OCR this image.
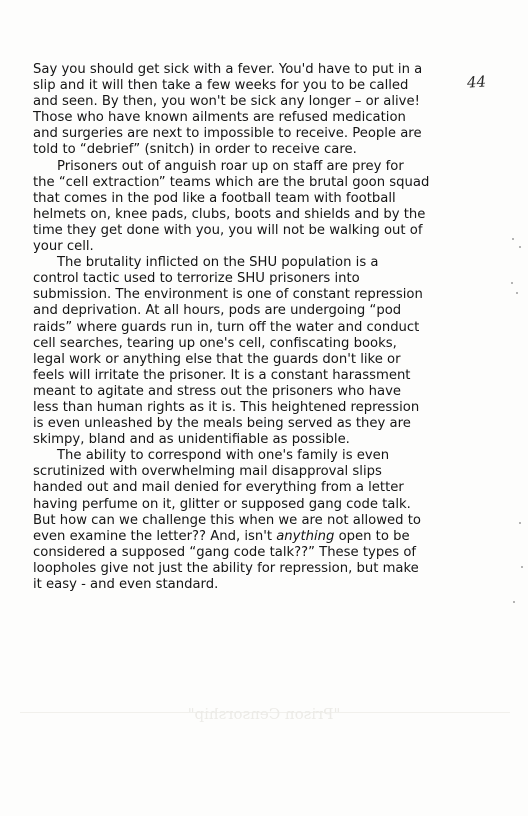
44

Say you should get sick with a fever. You'd have to put in a
slip and it will then take a few weeks for you to be called
and seen. By then, you won't be sick any longer – or alive!
Those who have known ailments are refused medication
and surgeries are next to impossible to receive. People are
told to “debrief” (snitch) in order to receive care.

Prisoners out of anguish roar up on staff are prey for
the “cell extraction” teams which are the brutal goon squad
that comes in the pod like a football team with football
helmets on, knee pads, clubs, boots and shields and by the
time they get done with you, you will not be walking out of
your cell.

The brutality inflicted on the SHU population is a
control tactic used to terrorize SHU prisoners into
submission. The environment is one of constant repression
and deprivation. At all hours, pods are undergoing “pod
raids” where guards run in, turn off the water and conduct
cell searches, tearing up one's cell, confiscating books,
legal work or anything else that the guards don't like or
feels will irritate the prisoner. It is a constant harassment
meant to agitate and stress out the prisoners who have
less than human rights as it is. This heightened repression
is even unleashed by the meals being served as they are
skimpy, bland and as unidentifiable as possible.

The ability to correspond with one's family is even
scrutinized with overwhelming mail disapproval slips
handed out and mail denied for everything from a letter
having perfume on it, glitter or supposed gang code talk.
But how can we challenge this when we are not allowed to
even examine the letter?? And, isn't anything open to be
considered a supposed “gang code talk??” These types of
loopholes give not just the ability for repression, but make
it easy - and even standard.

"Prison Censorship"
